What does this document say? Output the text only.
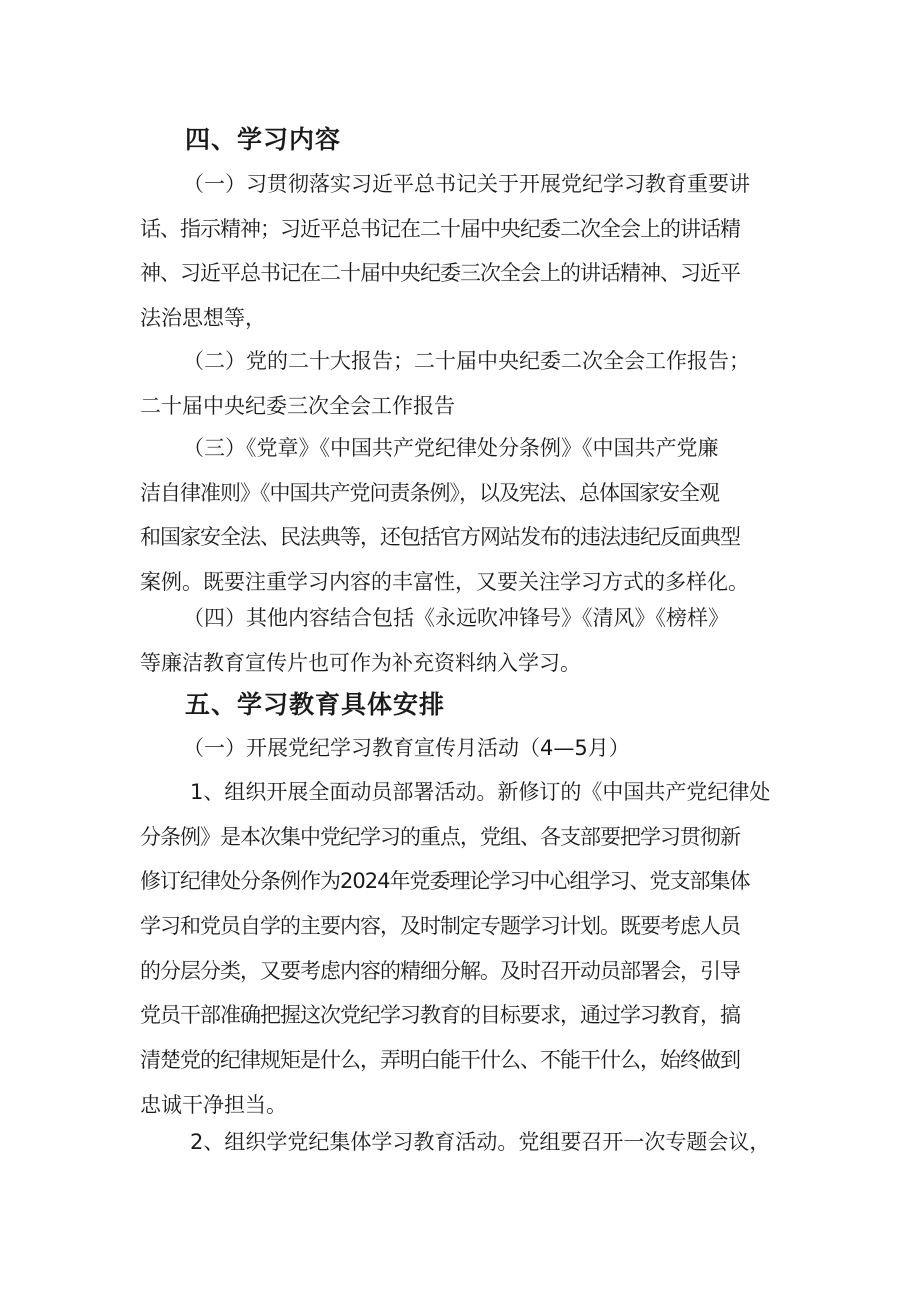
四、学习内容
（一）习贯彻落实习近平总书记关于开展党纪学习教育重要讲
话、指示精神；习近平总书记在二十届中央纪委二次全会上的讲话精
神、习近平总书记在二十届中央纪委三次全会上的讲话精神、习近平
法治思想等，
（二）党的二十大报告；二十届中央纪委二次全会工作报告；
二十届中央纪委三次全会工作报告
（三）《党章》《中国共产党纪律处分条例》《中国共产党廉
洁自律准则》《中国共产党问责条例》，以及宪法、总体国家安全观
和国家安全法、民法典等，还包括官方网站发布的违法违纪反面典型
案例。既要注重学习内容的丰富性，又要关注学习方式的多样化。
（四）其他内容结合包括《永远吹冲锋号》《清风》《榜样》
等廉洁教育宣传片也可作为补充资料纳入学习。
五、学习教育具体安排
（一）开展党纪学习教育宣传月活动（4—5月）
1、组织开展全面动员部署活动。新修订的《中国共产党纪律处
分条例》是本次集中党纪学习的重点，党组、各支部要把学习贯彻新
修订纪律处分条例作为2024年党委理论学习中心组学习、党支部集体
学习和党员自学的主要内容，及时制定专题学习计划。既要考虑人员
的分层分类，又要考虑内容的精细分解。及时召开动员部署会，引导
党员干部准确把握这次党纪学习教育的目标要求，通过学习教育，搞
清楚党的纪律规矩是什么，弄明白能干什么、不能干什么，始终做到
忠诚干净担当。
2、组织学党纪集体学习教育活动。党组要召开一次专题会议，
